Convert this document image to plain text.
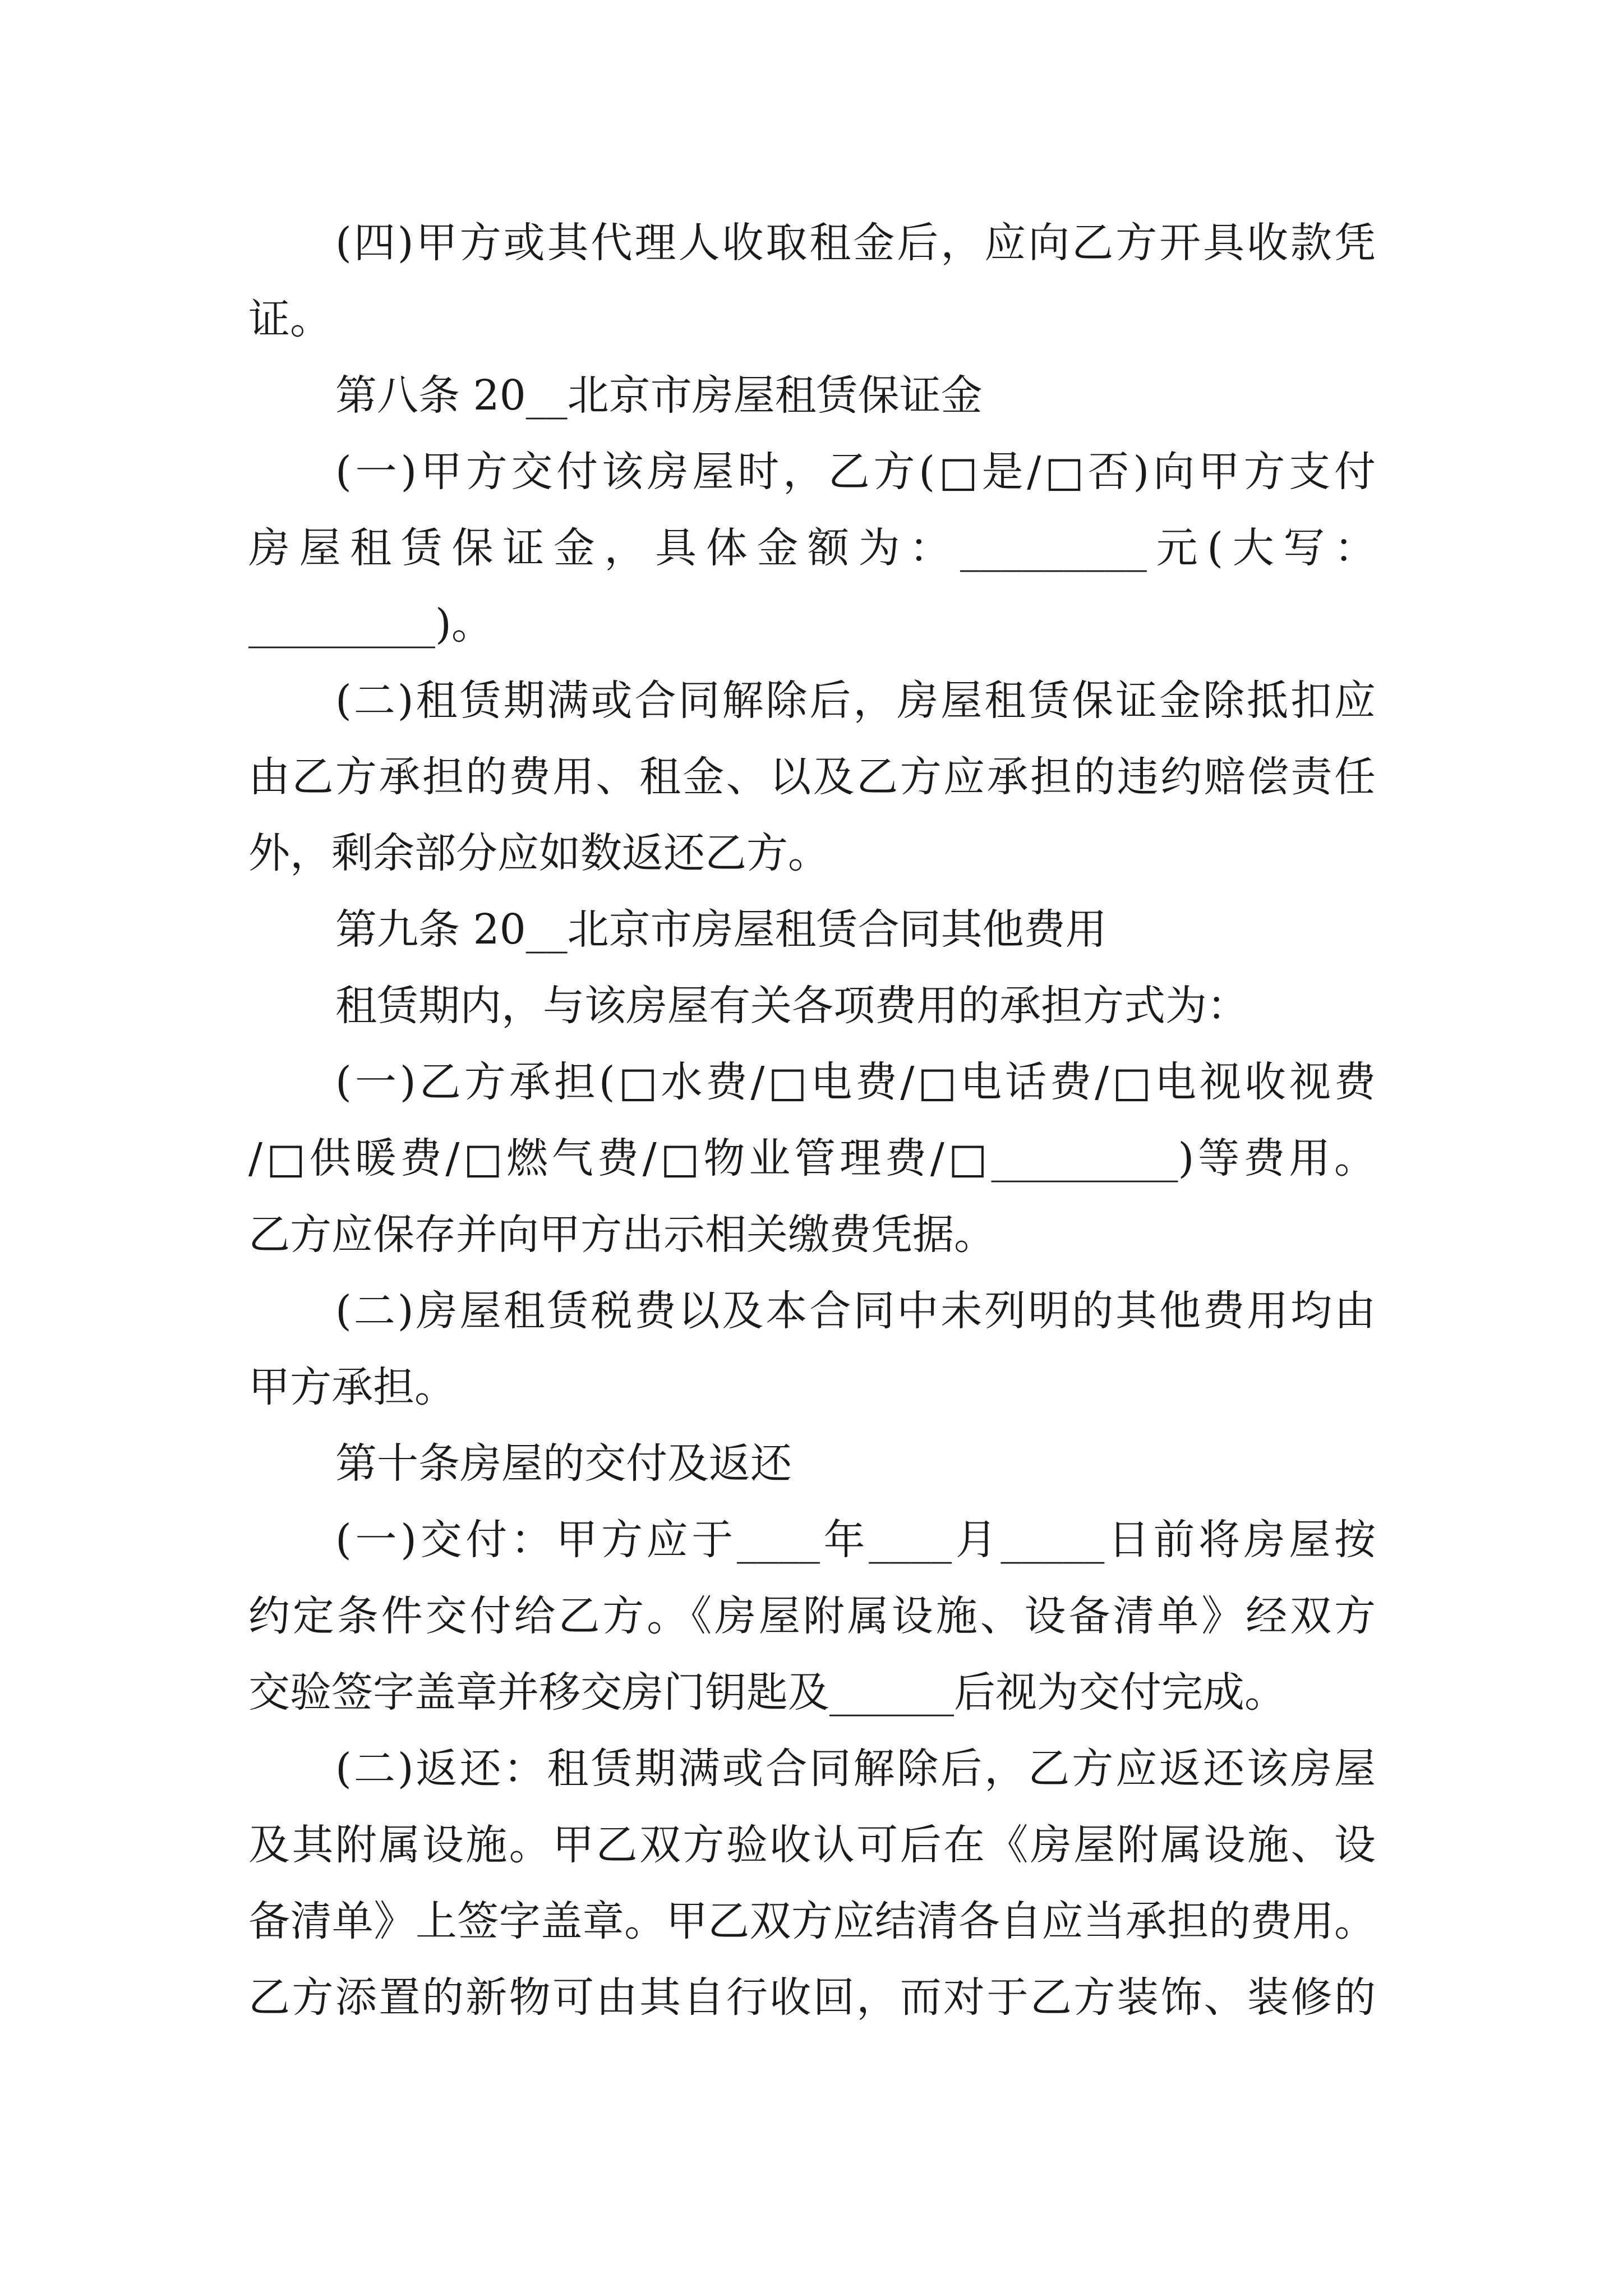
(四)甲方或其代理人收取租金后，应向乙方开具收款凭
证。
第八条 20__北京市房屋租赁保证金
(一)甲方交付该房屋时，乙方(□是/□否)向甲方支付
房屋租赁保证金，具体金额为：_________元(大写：
_________)。
(二)租赁期满或合同解除后，房屋租赁保证金除抵扣应
由乙方承担的费用、租金、以及乙方应承担的违约赔偿责任
外，剩余部分应如数返还乙方。
第九条 20__北京市房屋租赁合同其他费用
租赁期内，与该房屋有关各项费用的承担方式为：
(一)乙方承担(□水费/□电费/□电话费/□电视收视费
/□供暖费/□燃气费/□物业管理费/□_________)等费用。
乙方应保存并向甲方出示相关缴费凭据。
(二)房屋租赁税费以及本合同中未列明的其他费用均由
甲方承担。
第十条房屋的交付及返还
(一)交付：甲方应于____年____月_____日前将房屋按
约定条件交付给乙方。《房屋附属设施、设备清单》经双方
交验签字盖章并移交房门钥匙及______后视为交付完成。
(二)返还：租赁期满或合同解除后，乙方应返还该房屋
及其附属设施。甲乙双方验收认可后在《房屋附属设施、设
备清单》上签字盖章。甲乙双方应结清各自应当承担的费用。
乙方添置的新物可由其自行收回，而对于乙方装饰、装修的
